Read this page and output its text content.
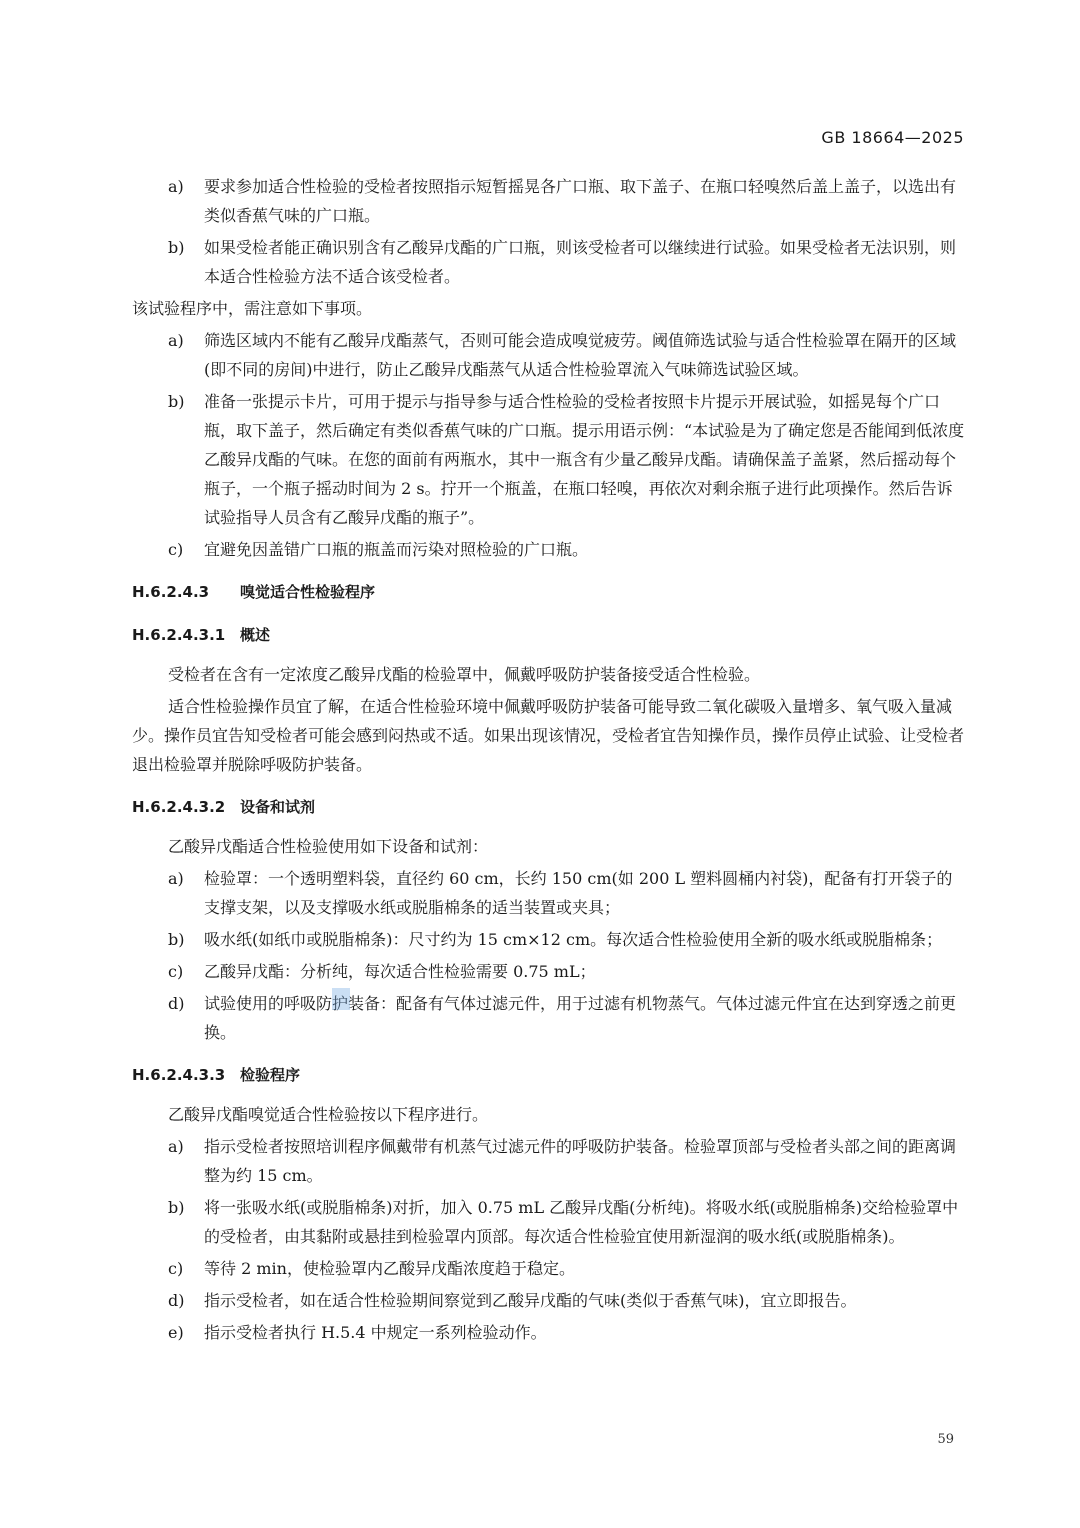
GB 18664—2025
a) 要求参加适合性检验的受检者按照指示短暂摇晃各广口瓶、取下盖子、在瓶口轻嗅然后盖上盖子，以选出有类似香蕉气味的广口瓶。
b) 如果受检者能正确识别含有乙酸异戊酯的广口瓶，则该受检者可以继续进行试验。如果受检者无法识别，则本适合性检验方法不适合该受检者。
该试验程序中，需注意如下事项。
a) 筛选区域内不能有乙酸异戊酯蒸气，否则可能会造成嗅觉疲劳。阈值筛选试验与适合性检验罩在隔开的区域(即不同的房间)中进行，防止乙酸异戊酯蒸气从适合性检验罩流入气味筛选试验区域。
b) 准备一张提示卡片，可用于提示与指导参与适合性检验的受检者按照卡片提示开展试验，如摇晃每个广口瓶，取下盖子，然后确定有类似香蕉气味的广口瓶。提示用语示例：“本试验是为了确定您是否能闻到低浓度乙酸异戊酯的气味。在您的面前有两瓶水，其中一瓶含有少量乙酸异戊酯。请确保盖子盖紧，然后摇动每个瓶子，一个瓶子摇动时间为 2 s。拧开一个瓶盖，在瓶口轻嗅，再依次对剩余瓶子进行此项操作。然后告诉试验指导人员含有乙酸异戊酯的瓶子”。
c) 宜避免因盖错广口瓶的瓶盖而污染对照检验的广口瓶。
H.6.2.4.3 嗅觉适合性检验程序
H.6.2.4.3.1 概述
受检者在含有一定浓度乙酸异戊酯的检验罩中，佩戴呼吸防护装备接受适合性检验。
适合性检验操作员宜了解，在适合性检验环境中佩戴呼吸防护装备可能导致二氧化碳吸入量增多、氧气吸入量减少。操作员宜告知受检者可能会感到闷热或不适。如果出现该情况，受检者宜告知操作员，操作员停止试验、让受检者退出检验罩并脱除呼吸防护装备。
H.6.2.4.3.2 设备和试剂
乙酸异戊酯适合性检验使用如下设备和试剂：
a) 检验罩：一个透明塑料袋，直径约 60 cm，长约 150 cm(如 200 L 塑料圆桶内衬袋)，配备有打开袋子的支撑支架，以及支撑吸水纸或脱脂棉条的适当装置或夹具；
b) 吸水纸(如纸巾或脱脂棉条)：尺寸约为 15 cm×12 cm。每次适合性检验使用全新的吸水纸或脱脂棉条；
c) 乙酸异戊酯：分析纯，每次适合性检验需要 0.75 mL；
d) 试验使用的呼吸防护装备：配备有气体过滤元件，用于过滤有机物蒸气。气体过滤元件宜在达到穿透之前更换。
H.6.2.4.3.3 检验程序
乙酸异戊酯嗅觉适合性检验按以下程序进行。
a) 指示受检者按照培训程序佩戴带有机蒸气过滤元件的呼吸防护装备。检验罩顶部与受检者头部之间的距离调整为约 15 cm。
b) 将一张吸水纸(或脱脂棉条)对折，加入 0.75 mL 乙酸异戊酯(分析纯)。将吸水纸(或脱脂棉条)交给检验罩中的受检者，由其黏附或悬挂到检验罩内顶部。每次适合性检验宜使用新湿润的吸水纸(或脱脂棉条)。
c) 等待 2 min，使检验罩内乙酸异戊酯浓度趋于稳定。
d) 指示受检者，如在适合性检验期间察觉到乙酸异戊酯的气味(类似于香蕉气味)，宜立即报告。
e) 指示受检者执行 H.5.4 中规定一系列检验动作。
59
